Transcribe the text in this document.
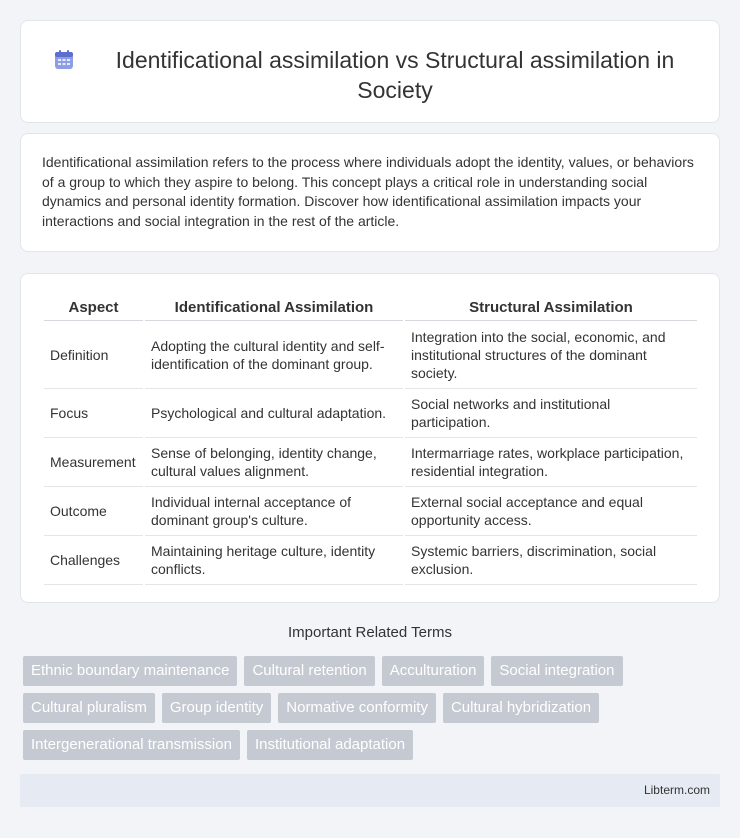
Identificational assimilation vs Structural assimilation in Society

Identificational assimilation refers to the process where individuals adopt the identity, values, or behaviors of a group to which they aspire to belong. This concept plays a critical role in understanding social dynamics and personal identity formation. Discover how identificational assimilation impacts your interactions and social integration in the rest of the article.

Aspect	Identificational Assimilation	Structural Assimilation
Definition	Adopting the cultural identity and self-identification of the dominant group.	Integration into the social, economic, and institutional structures of the dominant society.
Focus	Psychological and cultural adaptation.	Social networks and institutional participation.
Measurement	Sense of belonging, identity change, cultural values alignment.	Intermarriage rates, workplace participation, residential integration.
Outcome	Individual internal acceptance of dominant group's culture.	External social acceptance and equal opportunity access.
Challenges	Maintaining heritage culture, identity conflicts.	Systemic barriers, discrimination, social exclusion.
Important Related Terms
Ethnic boundary maintenance	Cultural retention	Acculturation	Social integration
Cultural pluralism	Group identity	Normative conformity	Cultural hybridization
Intergenerational transmission	Institutional adaptation
Libterm.com
